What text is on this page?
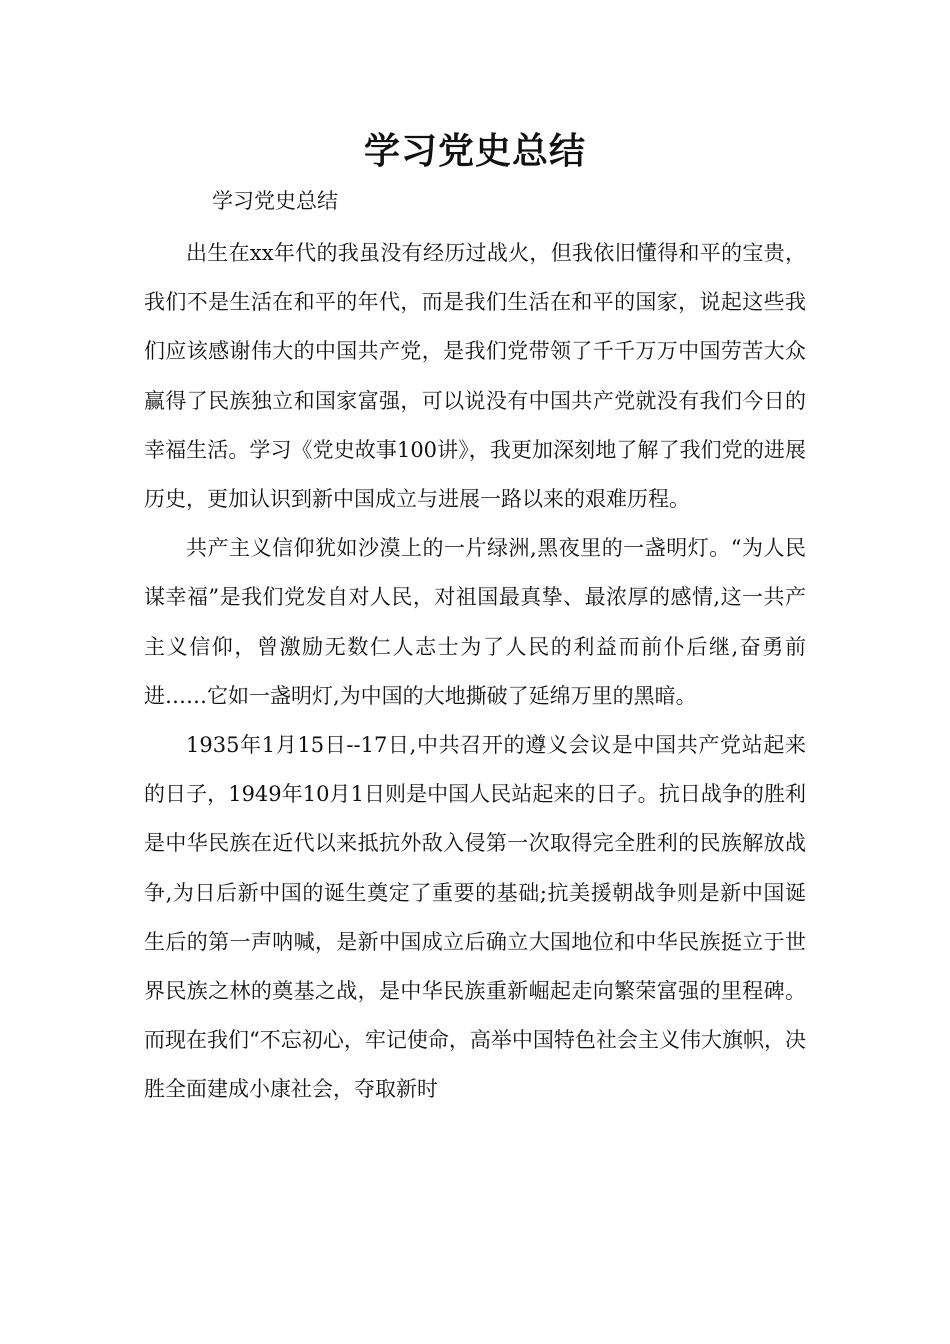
学习党史总结

学习党史总结

出生在xx年代的我虽没有经历过战火，但我依旧懂得和平的宝贵，我们不是生活在和平的年代，而是我们生活在和平的国家，说起这些我们应该感谢伟大的中国共产党，是我们党带领了千千万万中国劳苦大众赢得了民族独立和国家富强，可以说没有中国共产党就没有我们今日的幸福生活。学习《党史故事100讲》，我更加深刻地了解了我们党的进展历史，更加认识到新中国成立与进展一路以来的艰难历程。

共产主义信仰犹如沙漠上的一片绿洲,黑夜里的一盏明灯。“为人民谋幸福”是我们党发自对人民，对祖国最真挚、最浓厚的感情,这一共产主义信仰，曾激励无数仁人志士为了人民的利益而前仆后继,奋勇前进……它如一盏明灯,为中国的大地撕破了延绵万里的黑暗。

1935年1月15日--17日,中共召开的遵义会议是中国共产党站起来的日子，1949年10月1日则是中国人民站起来的日子。抗日战争的胜利是中华民族在近代以来抵抗外敌入侵第一次取得完全胜利的民族解放战争,为日后新中国的诞生奠定了重要的基础;抗美援朝战争则是新中国诞生后的第一声呐喊，是新中国成立后确立大国地位和中华民族挺立于世界民族之林的奠基之战，是中华民族重新崛起走向繁荣富强的里程碑。而现在我们“不忘初心，牢记使命，高举中国特色社会主义伟大旗帜，决胜全面建成小康社会，夺取新时
